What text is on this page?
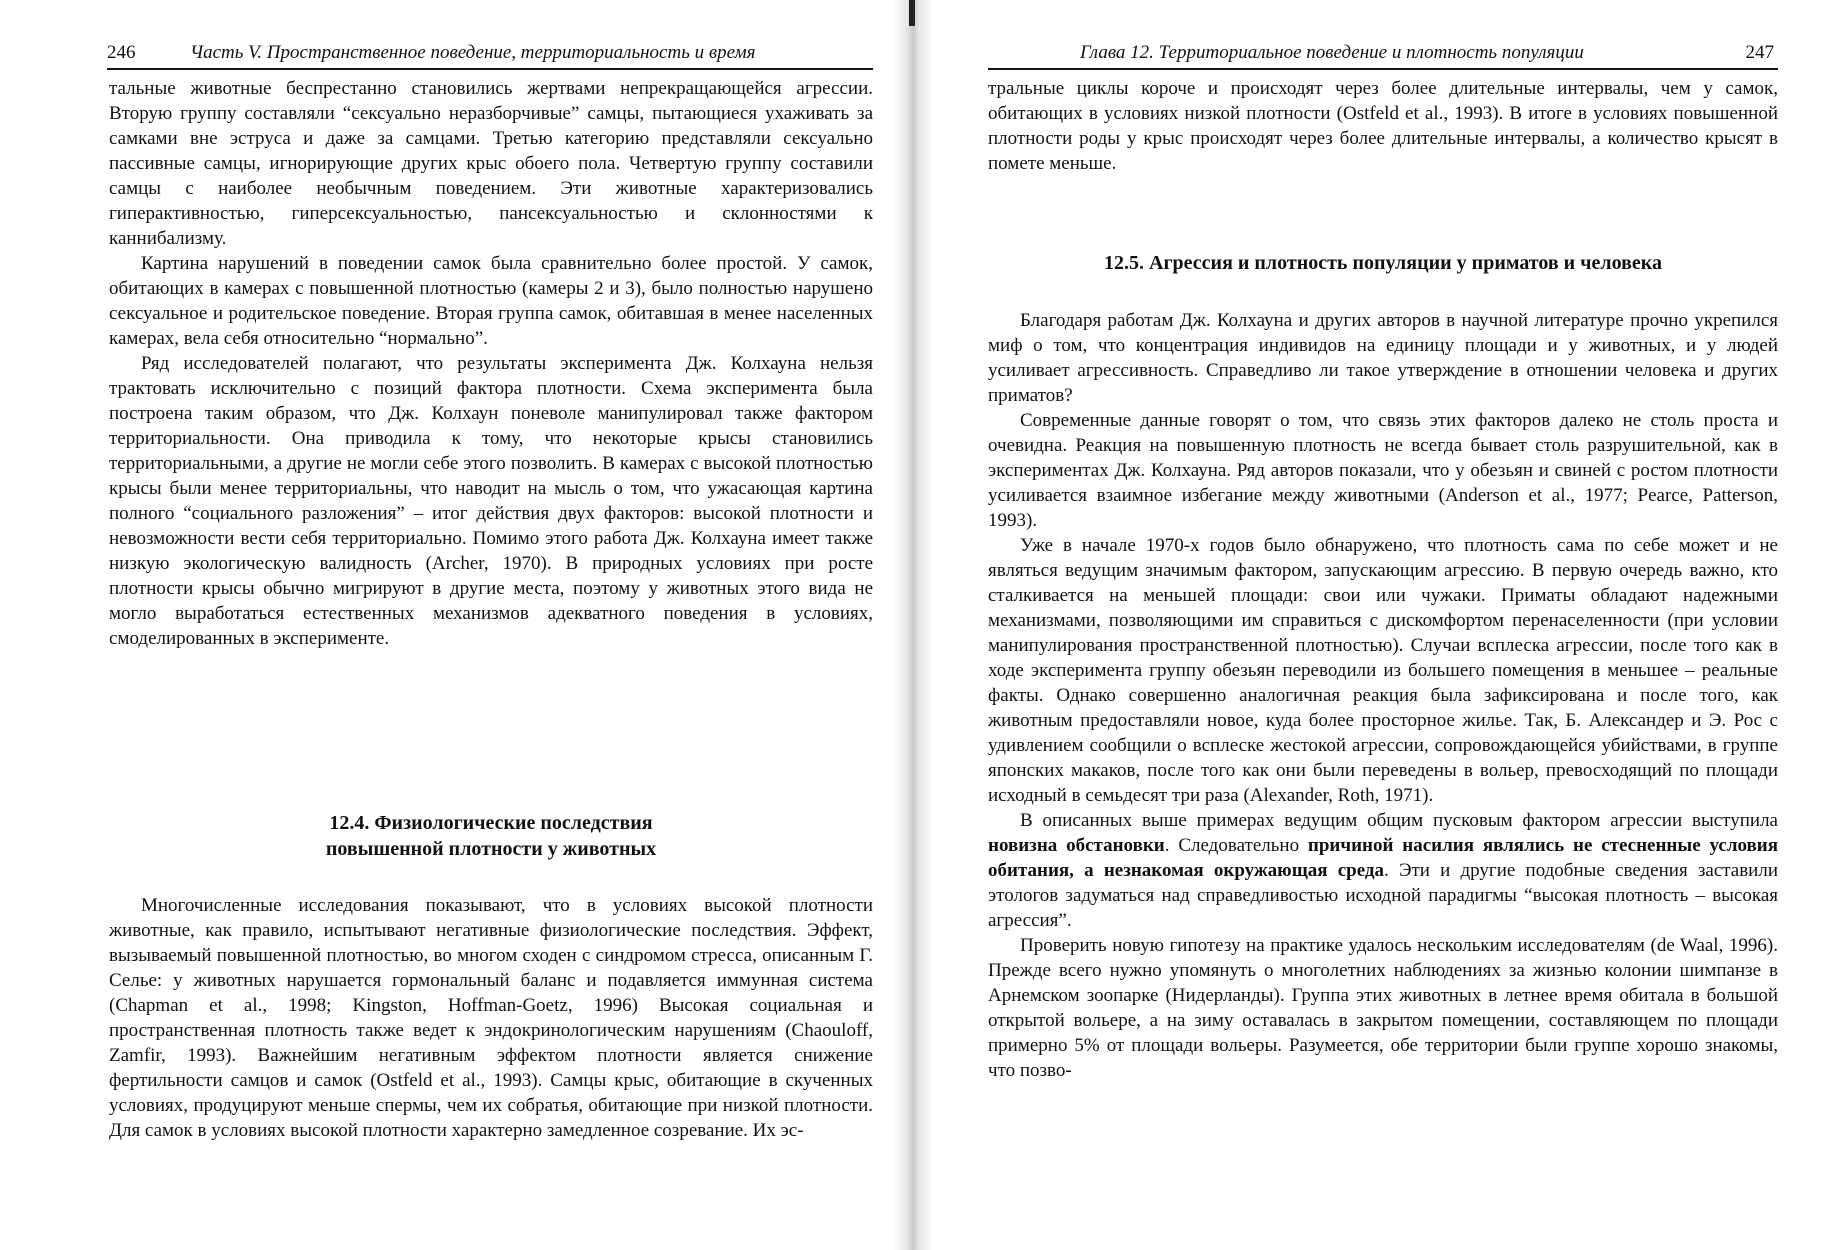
246	Часть V. Пространственное поведение, территориальность и время

тальные животные беспрестанно становились жертвами непрекращающейся агрессии. Вторую группу составляли “сексуально неразборчивые” самцы, пытающиеся ухаживать за самками вне эструса и даже за самцами. Третью категорию представляли сексуально пассивные самцы, игнорирующие других крыс обоего пола. Четвертую группу составили самцы с наиболее необычным поведением. Эти животные характеризовались гиперактивностью, гиперсексуальностью, пансексуальностью и склонностями к каннибализму.

Картина нарушений в поведении самок была сравнительно более простой. У самок, обитающих в камерах с повышенной плотностью (камеры 2 и 3), было полностью нарушено сексуальное и родительское поведение. Вторая группа самок, обитавшая в менее населенных камерах, вела себя относительно “нормально”.

Ряд исследователей полагают, что результаты эксперимента Дж. Колхауна нельзя трактовать исключительно с позиций фактора плотности. Схема эксперимента была построена таким образом, что Дж. Колхаун поневоле манипулировал также фактором территориальности. Она приводила к тому, что некоторые крысы становились территориальными, а другие не могли себе этого позволить. В камерах с высокой плотностью крысы были менее территориальны, что наводит на мысль о том, что ужасающая картина полного “социального разложения” – итог действия двух факторов: высокой плотности и невозможности вести себя территориально. Помимо этого работа Дж. Колхауна имеет также низкую экологическую валидность (Archer, 1970). В природных условиях при росте плотности крысы обычно мигрируют в другие места, поэтому у животных этого вида не могло выработаться естественных механизмов адекватного поведения в условиях, смоделированных в эксперименте.

12.4. Физиологические последствия
повышенной плотности у животных

Многочисленные исследования показывают, что в условиях высокой плотности животные, как правило, испытывают негативные физиологические последствия. Эффект, вызываемый повышенной плотностью, во многом сходен с синдромом стресса, описанным Г. Селье: у животных нарушается гормональный баланс и подавляется иммунная система (Chapman et al., 1998; Kingston, Hoffman-Goetz, 1996) Высокая социальная и пространственная плотность также ведет к эндокринологическим нарушениям (Chaouloff, Zamfir, 1993). Важнейшим негативным эффектом плотности является снижение фертильности самцов и самок (Ostfeld et al., 1993). Самцы крыс, обитающие в скученных условиях, продуцируют меньше спермы, чем их собратья, обитающие при низкой плотности. Для самок в условиях высокой плотности характерно замедленное созревание. Их эс-

Глава 12. Территориальное поведение и плотность популяции	247

тральные циклы короче и происходят через более длительные интервалы, чем у самок, обитающих в условиях низкой плотности (Ostfeld et al., 1993). В итоге в условиях повышенной плотности роды у крыс происходят через более длительные интервалы, а количество крысят в помете меньше.

12.5. Агрессия и плотность популяции у приматов и человека

Благодаря работам Дж. Колхауна и других авторов в научной литературе прочно укрепился миф о том, что концентрация индивидов на единицу площади и у животных, и у людей усиливает агрессивность. Справедливо ли такое утверждение в отношении человека и других приматов?

Современные данные говорят о том, что связь этих факторов далеко не столь проста и очевидна. Реакция на повышенную плотность не всегда бывает столь разрушительной, как в экспериментах Дж. Колхауна. Ряд авторов показали, что у обезьян и свиней с ростом плотности усиливается взаимное избегание между животными (Anderson et al., 1977; Pearce, Patterson, 1993).

Уже в начале 1970-х годов было обнаружено, что плотность сама по себе может и не являться ведущим значимым фактором, запускающим агрессию. В первую очередь важно, кто сталкивается на меньшей площади: свои или чужаки. Приматы обладают надежными механизмами, позволяющими им справиться с дискомфортом перенаселенности (при условии манипулирования пространственной плотностью). Случаи всплеска агрессии, после того как в ходе эксперимента группу обезьян переводили из большего помещения в меньшее – реальные факты. Однако совершенно аналогичная реакция была зафиксирована и после того, как животным предоставляли новое, куда более просторное жилье. Так, Б. Александер и Э. Рос с удивлением сообщили о всплеске жестокой агрессии, сопровождающейся убийствами, в группе японских макаков, после того как они были переведены в вольер, превосходящий по площади исходный в семьдесят три раза (Alexander, Roth, 1971).

В описанных выше примерах ведущим общим пусковым фактором агрессии выступила новизна обстановки. Следовательно причиной насилия являлись не стесненные условия обитания, а незнакомая окружающая среда. Эти и другие подобные сведения заставили этологов задуматься над справедливостью исходной парадигмы “высокая плотность – высокая агрессия”.

Проверить новую гипотезу на практике удалось нескольким исследователям (de Waal, 1996). Прежде всего нужно упомянуть о многолетних наблюдениях за жизнью колонии шимпанзе в Арнемском зоопарке (Нидерланды). Группа этих животных в летнее время обитала в большой открытой вольере, а на зиму оставалась в закрытом помещении, составляющем по площади примерно 5% от площади вольеры. Разумеется, обе территории были группе хорошо знакомы, что позво-
